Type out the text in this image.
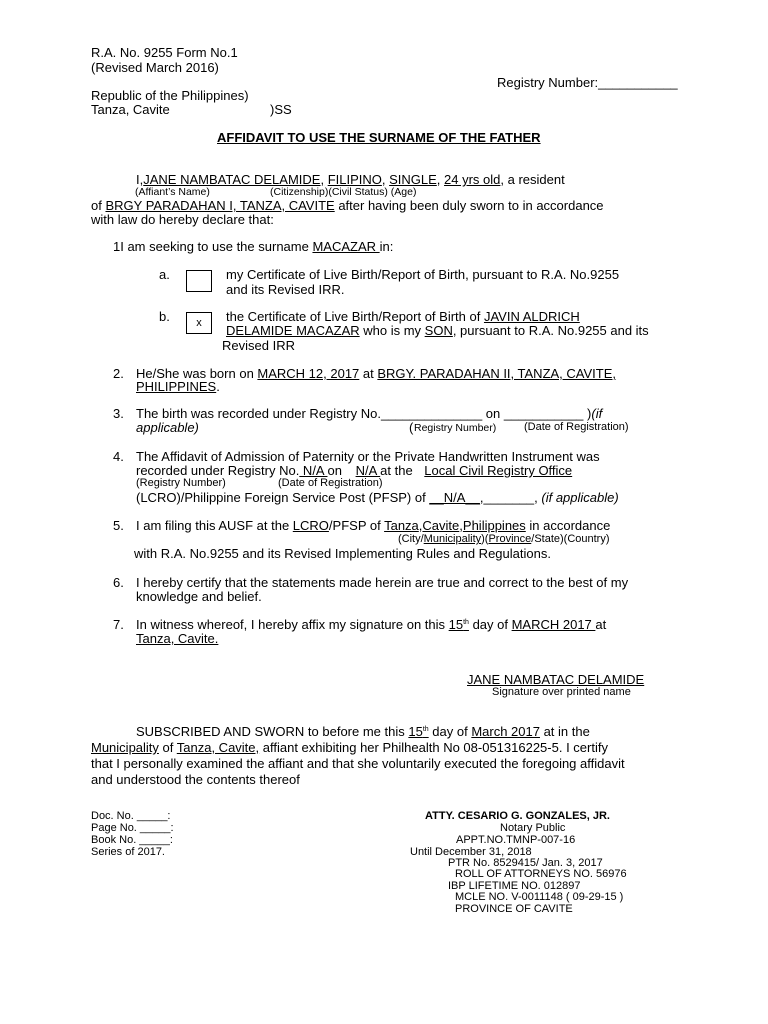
R.A. No. 9255 Form No.1
(Revised March 2016)
Registry Number:___________
Republic of the Philippines)
Tanza, Cavite	)SS
AFFIDAVIT TO USE THE SURNAME OF THE FATHER
I,JANE NAMBATAC DELAMIDE, FILIPINO, SINGLE, 24 yrs old, a resident
(Affiant’s Name)	(Citizenship)(Civil Status) (Age)
of BRGY PARADAHAN I, TANZA, CAVITE after having been duly sworn to in accordance
with law do hereby declare that:
1I am seeking to use the surname MACAZAR in:
a.	my Certificate of Live Birth/Report of Birth, pursuant to R.A. No.9255
and its Revised IRR.
b.	x	the Certificate of Live Birth/Report of Birth of JAVIN ALDRICH
DELAMIDE MACAZAR who is my SON, pursuant to R.A. No.9255 and its
Revised IRR
2. He/She was born on MARCH 12, 2017 at BRGY. PARADAHAN II, TANZA, CAVITE,
PHILIPPINES.
3. The birth was recorded under Registry No.______________ on ___________ )(if
applicable)	( Registry Number)	(Date of Registration)
4. The Affidavit of Admission of Paternity or the Private Handwritten Instrument was
recorded under Registry No. N/A on N/A at the Local Civil Registry Office
(Registry Number)	(Date of Registration)
(LCRO)/Philippine Foreign Service Post (PFSP) of __N/A__,_______, (if applicable)
5. I am filing this AUSF at the LCRO/PFSP of Tanza,Cavite,Philippines in accordance
(City/Municipality)(Province/State)(Country)
with R.A. No.9255 and its Revised Implementing Rules and Regulations.
6. I hereby certify that the statements made herein are true and correct to the best of my
knowledge and belief.
7. In witness whereof, I hereby affix my signature on this 15th day of MARCH 2017 at
Tanza, Cavite.
JANE NAMBATAC DELAMIDE
Signature over printed name
SUBSCRIBED AND SWORN to before me this 15th day of March 2017 at in the
Municipality of Tanza, Cavite, affiant exhibiting her Philhealth No 08-051316225-5. I certify
that I personally examined the affiant and that she voluntarily executed the foregoing affidavit
and understood the contents thereof
Doc. No. _____:
Page No. _____:
Book No. _____:
Series of 2017.
ATTY. CESARIO G. GONZALES, JR.
Notary Public
APPT.NO.TMNP-007-16
Until December 31, 2018
PTR No. 8529415/ Jan. 3, 2017
ROLL OF ATTORNEYS NO. 56976
IBP LIFETIME NO. 012897
MCLE NO. V-0011148 ( 09-29-15 )
PROVINCE OF CAVITE
